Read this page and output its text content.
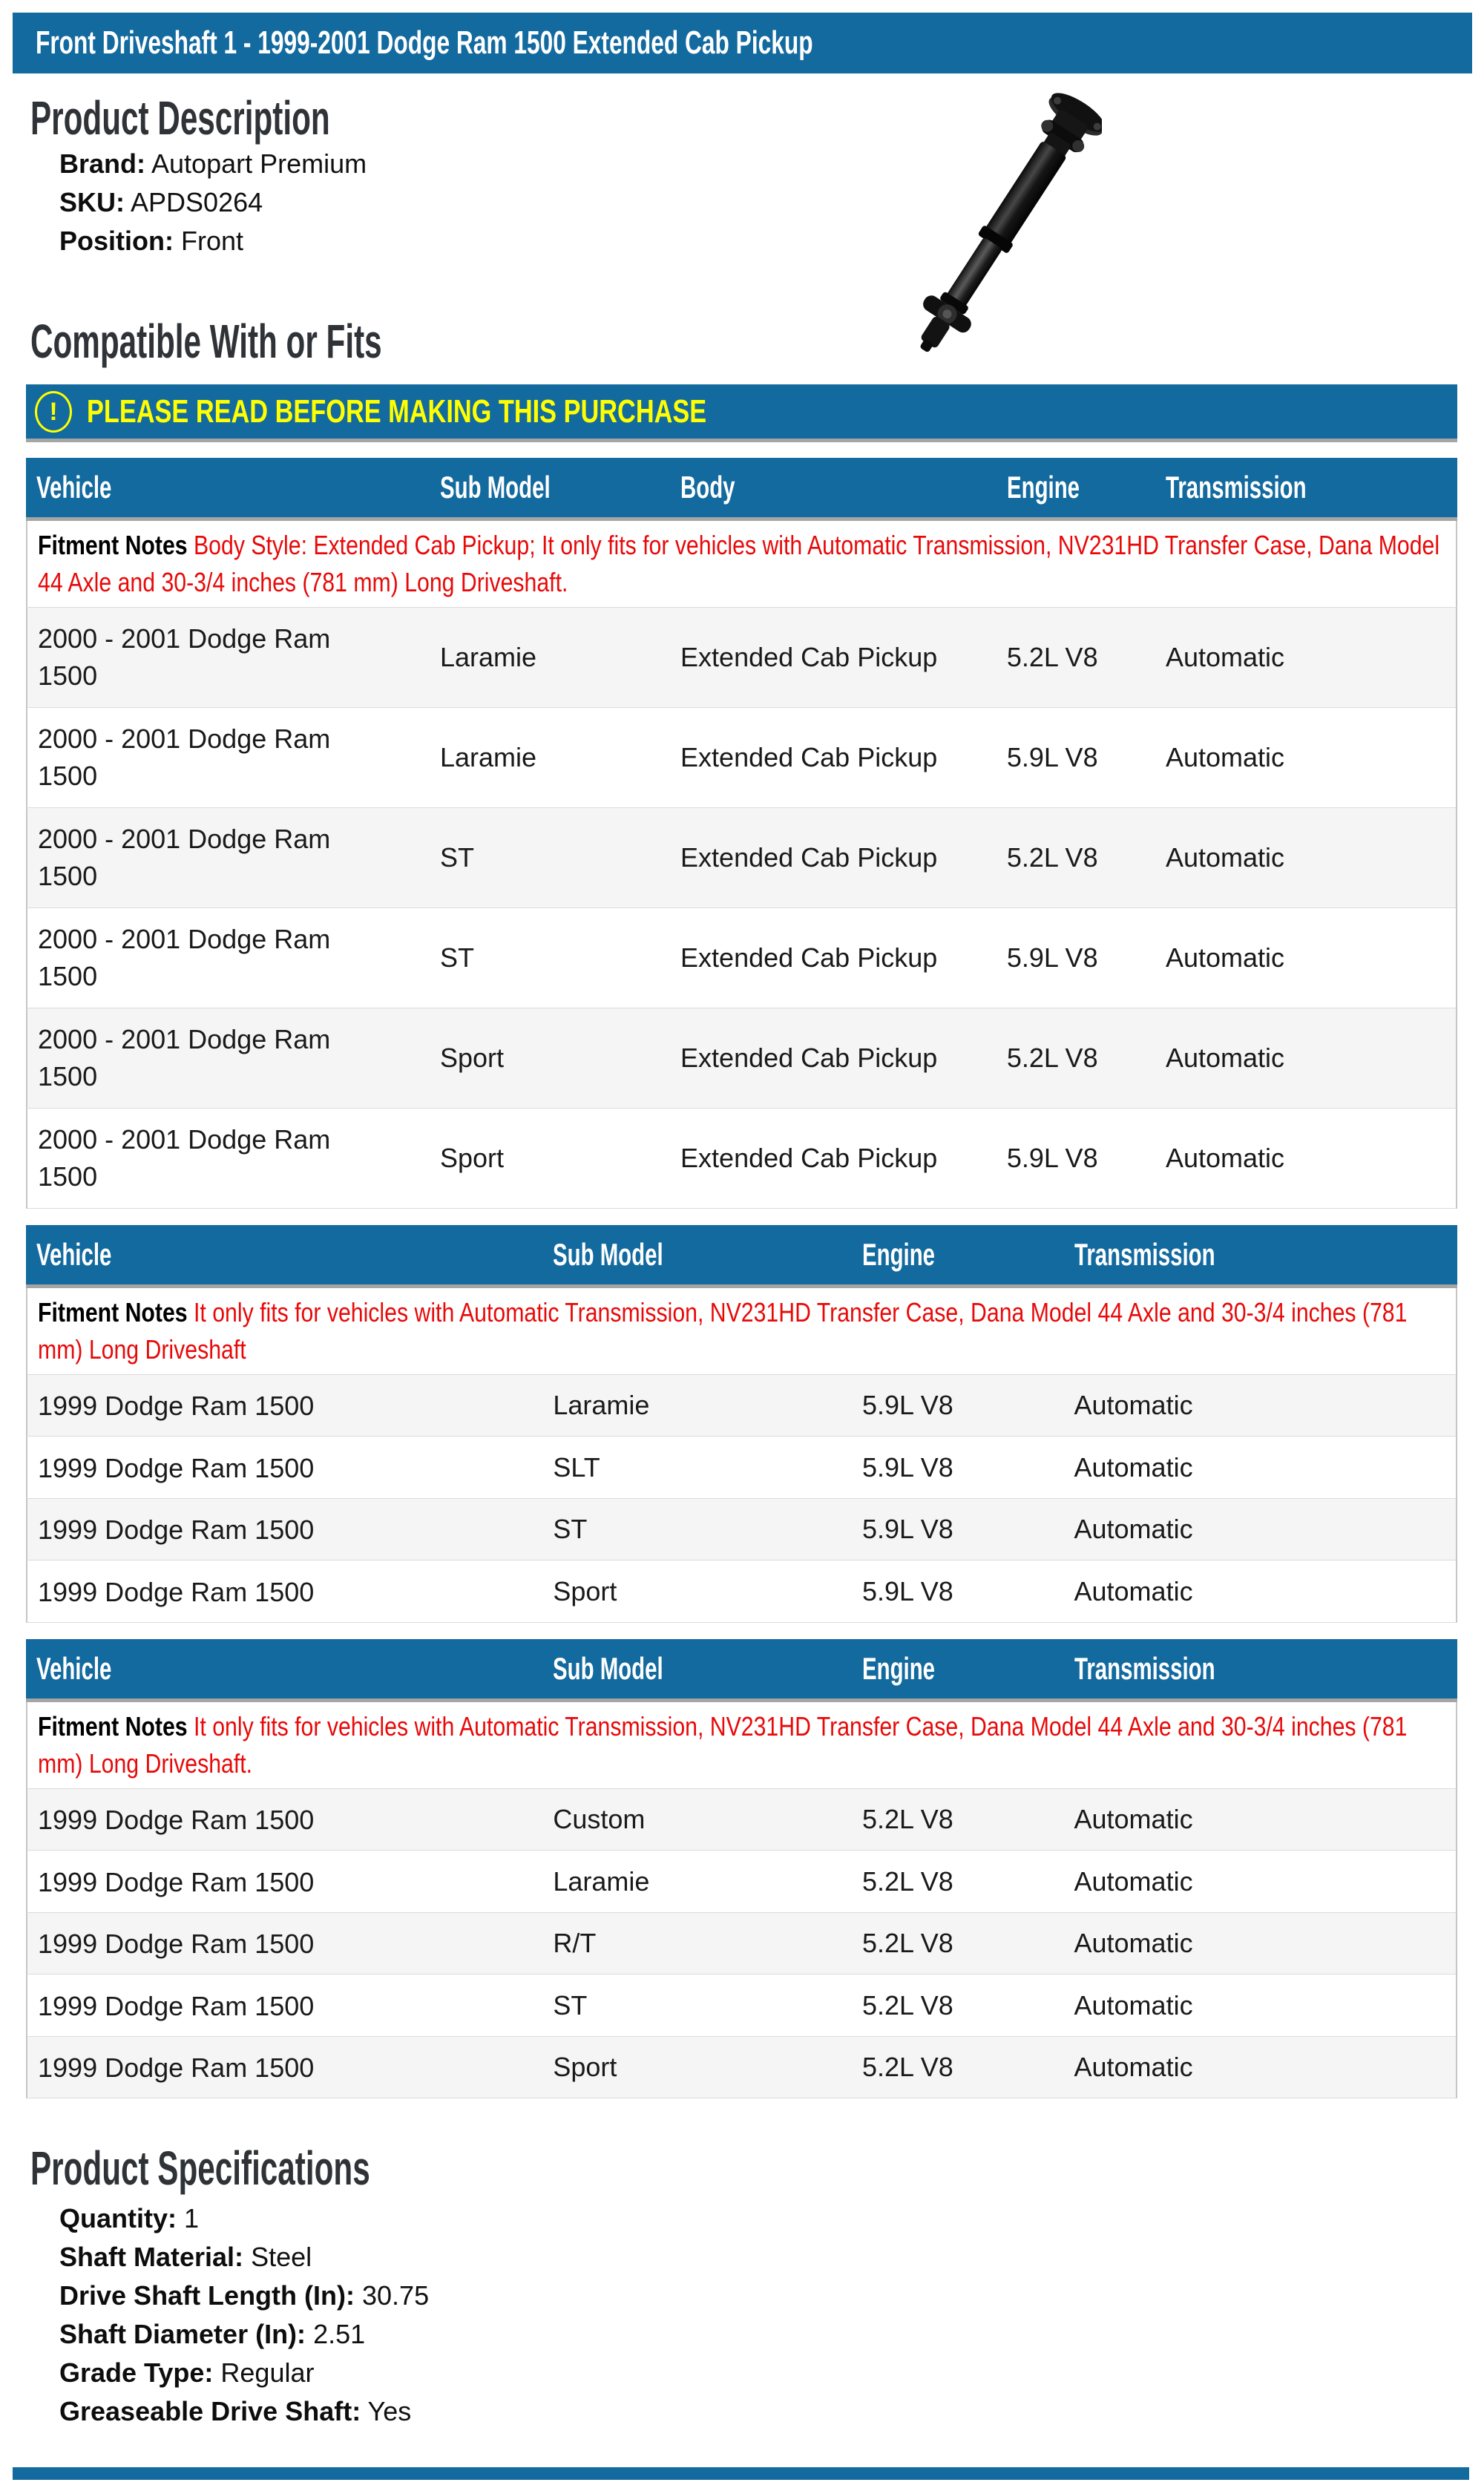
Front Driveshaft 1 - 1999-2001 Dodge Ram 1500 Extended Cab Pickup
Product Description
Brand: Autopart Premium
SKU: APDS0264
Position: Front
Compatible With or Fits
! PLEASE READ BEFORE MAKING THIS PURCHASE
Vehicle	Sub Model	Body	Engine	Transmission

Fitment Notes Body Style: Extended Cab Pickup; It only fits for vehicles with Automatic Transmission, NV231HD Transfer Case, Dana Model 44 Axle and 30-3/4 inches (781 mm) Long Driveshaft.				

2000 - 2001 Dodge Ram 1500	Laramie	Extended Cab Pickup	5.2L V8	Automatic
2000 - 2001 Dodge Ram 1500	Laramie	Extended Cab Pickup	5.9L V8	Automatic
2000 - 2001 Dodge Ram 1500	ST	Extended Cab Pickup	5.2L V8	Automatic
2000 - 2001 Dodge Ram 1500	ST	Extended Cab Pickup	5.9L V8	Automatic
2000 - 2001 Dodge Ram 1500	Sport	Extended Cab Pickup	5.2L V8	Automatic
2000 - 2001 Dodge Ram 1500	Sport	Extended Cab Pickup	5.9L V8	Automatic
Vehicle	Sub Model	Engine	Transmission

Fitment Notes It only fits for vehicles with Automatic Transmission, NV231HD Transfer Case, Dana Model 44 Axle and 30-3/4 inches (781 mm) Long Driveshaft			

1999 Dodge Ram 1500	Laramie	5.9L V8	Automatic
1999 Dodge Ram 1500	SLT	5.9L V8	Automatic
1999 Dodge Ram 1500	ST	5.9L V8	Automatic
1999 Dodge Ram 1500	Sport	5.9L V8	Automatic
Vehicle	Sub Model	Engine	Transmission

Fitment Notes It only fits for vehicles with Automatic Transmission, NV231HD Transfer Case, Dana Model 44 Axle and 30-3/4 inches (781 mm) Long Driveshaft.			

1999 Dodge Ram 1500	Custom	5.2L V8	Automatic
1999 Dodge Ram 1500	Laramie	5.2L V8	Automatic
1999 Dodge Ram 1500	R/T	5.2L V8	Automatic
1999 Dodge Ram 1500	ST	5.2L V8	Automatic
1999 Dodge Ram 1500	Sport	5.2L V8	Automatic
Product Specifications
Quantity: 1
Shaft Material: Steel
Drive Shaft Length (In): 30.75
Shaft Diameter (In): 2.51
Grade Type: Regular
Greaseable Drive Shaft: Yes
